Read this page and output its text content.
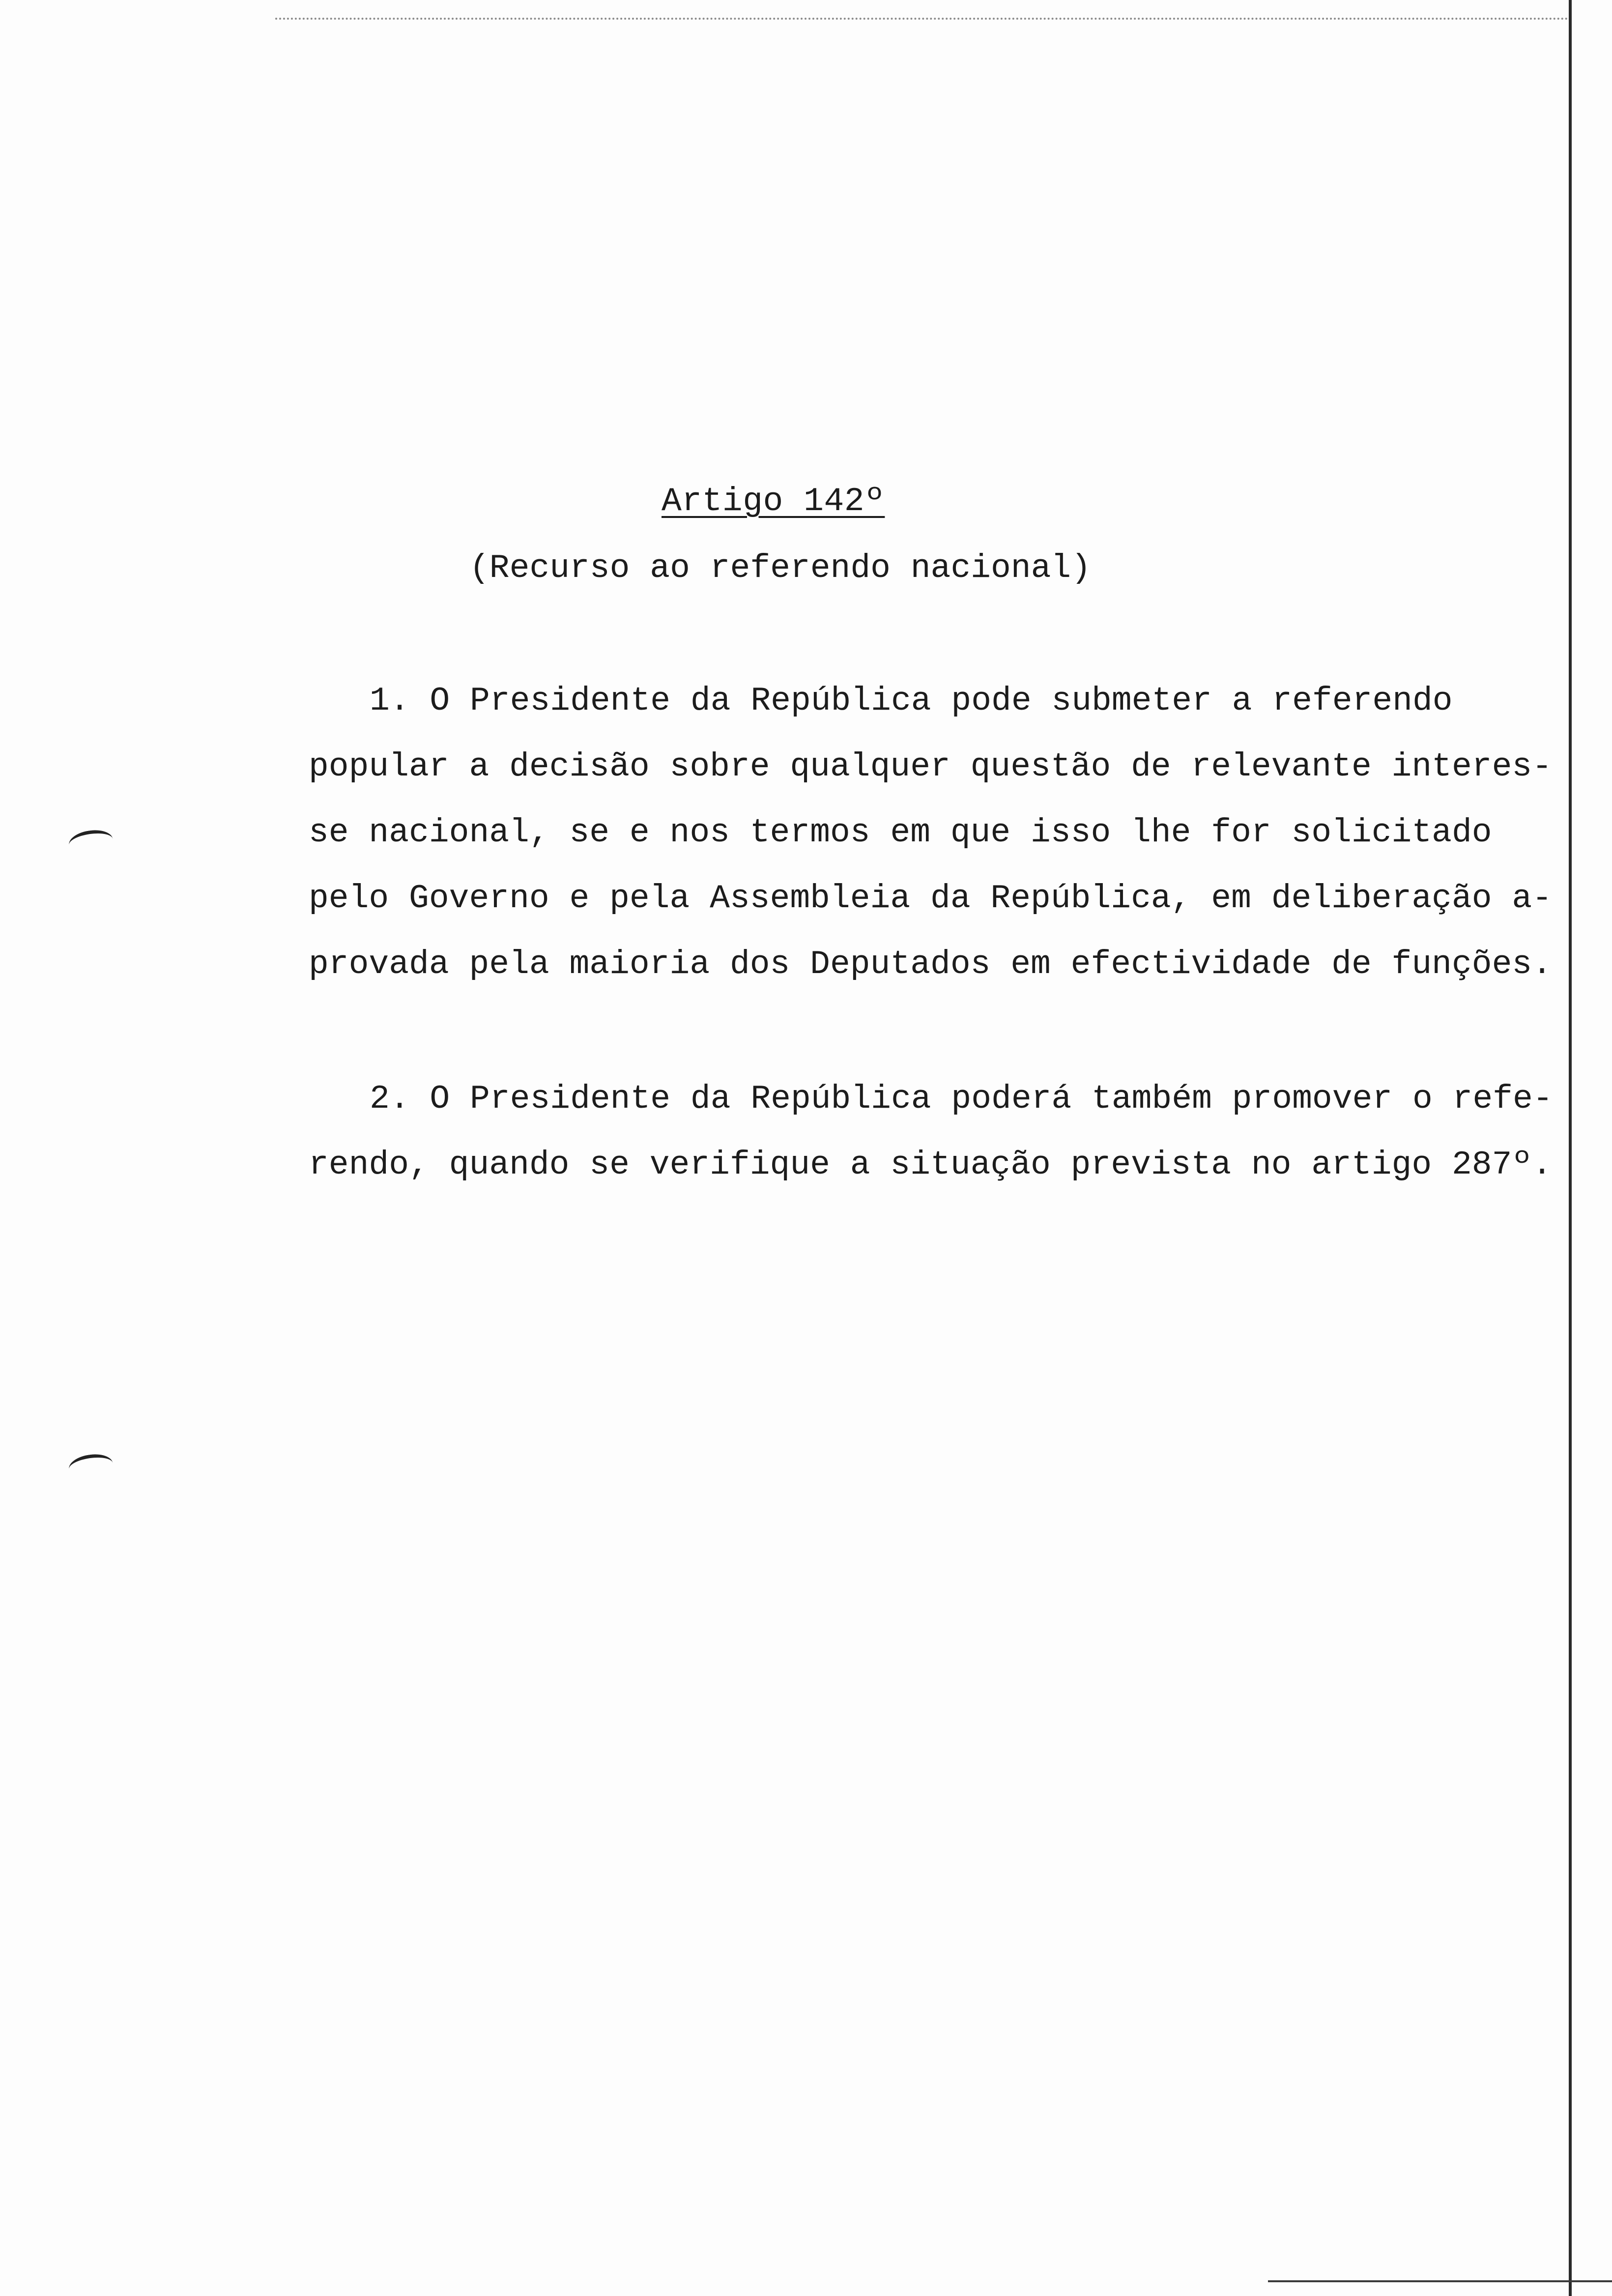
Artigo 142º
(Recurso ao referendo nacional)
1. O Presidente da República pode submeter a referendo
popular a decisão sobre qualquer questão de relevante interes-
se nacional, se e nos termos em que isso lhe for solicitado
pelo Governo e pela Assembleia da República, em deliberação a-
provada pela maioria dos Deputados em efectividade de funções.
2. O Presidente da República poderá também promover o refe-
rendo, quando se verifique a situação prevista no artigo 287º.
